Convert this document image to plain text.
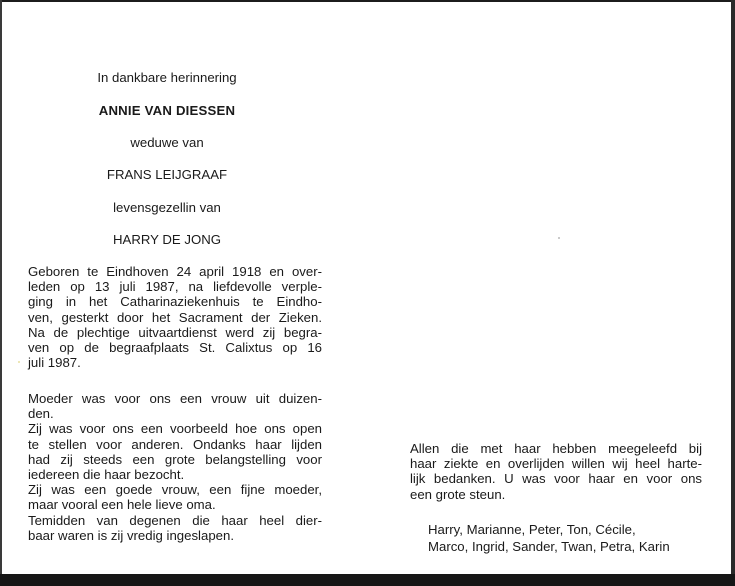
In dankbare herinnering
ANNIE VAN DIESSEN
weduwe van
FRANS LEIJGRAAF
levensgezellin van
HARRY DE JONG
Geboren te Eindhoven 24 april 1918 en over-
leden op 13 juli 1987, na liefdevolle verple-
ging in het Catharinaziekenhuis te Eindho-
ven, gesterkt door het Sacrament der Zieken.
Na de plechtige uitvaartdienst werd zij begra-
ven op de begraafplaats St. Calixtus op 16
juli 1987.
Moeder was voor ons een vrouw uit duizen-
den.
Zij was voor ons een voorbeeld hoe ons open
te stellen voor anderen. Ondanks haar lijden
had zij steeds een grote belangstelling voor
iedereen die haar bezocht.
Zij was een goede vrouw, een fijne moeder,
maar vooral een hele lieve oma.
Temidden van degenen die haar heel dier-
baar waren is zij vredig ingeslapen.
Allen die met haar hebben meegeleefd bij
haar ziekte en overlijden willen wij heel harte-
lijk bedanken. U was voor haar en voor ons
een grote steun.
Harry, Marianne, Peter, Ton, Cécile,
Marco, Ingrid, Sander, Twan, Petra, Karin
